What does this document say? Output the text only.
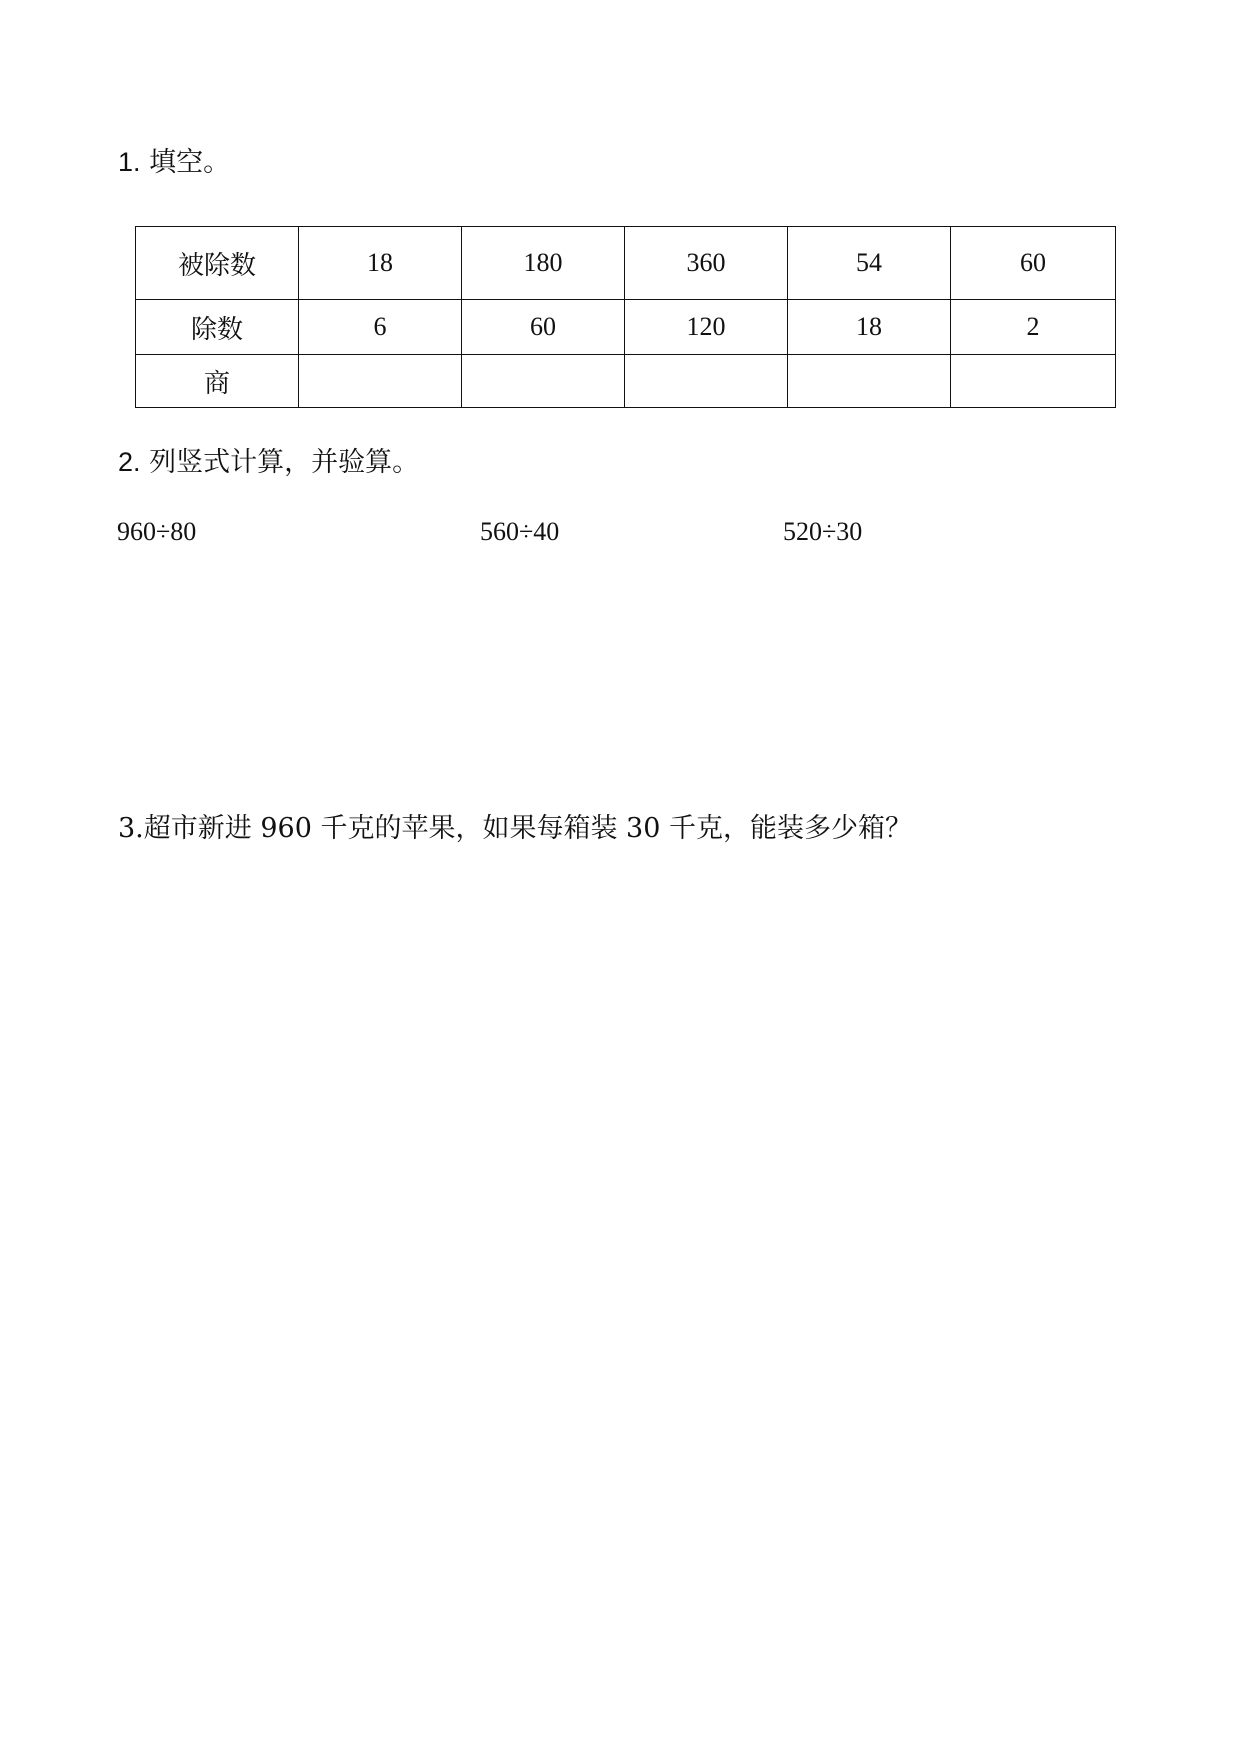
1. 填空。
被除数	18	180	360	54	60
除数	6	60	120	18	2
商					
2. 列竖式计算，并验算。
960÷80	560÷40	520÷30
3.超市新进 960 千克的苹果，如果每箱装 30 千克，能装多少箱？
